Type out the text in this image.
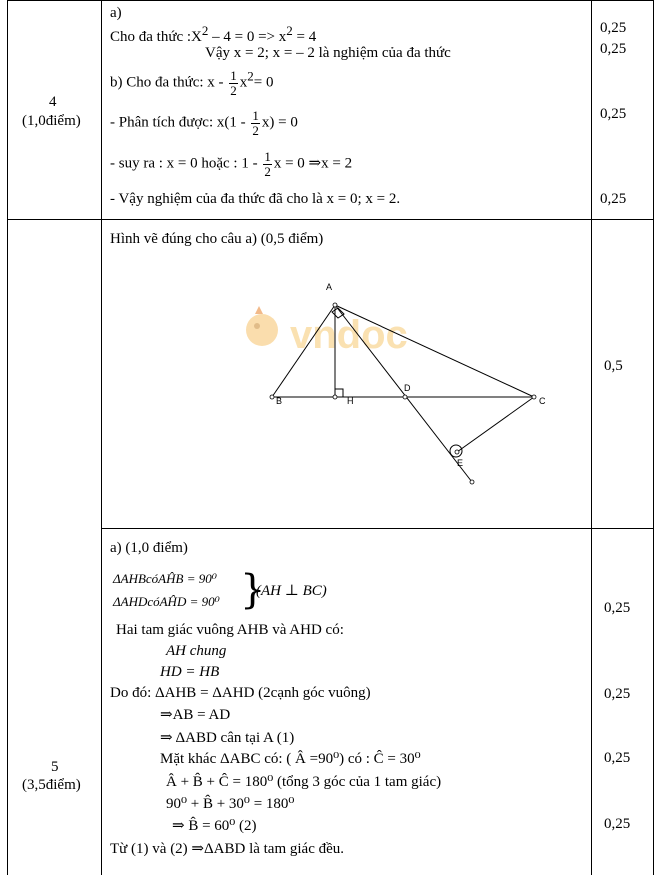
4
(1,0điểm)
a)
Cho đa thức $:X^2 - 4 = 0 => x^2 = 4$
Vậy x = 2; x = – 2 là nghiệm của đa thức
b) Cho đa thức: $x - \frac{1}{2} x^2= 0$
- Phân tích được: $x(1 - \frac{1}{2} x) = 0$
- suy ra : x = 0 hoặc : $1 - \frac{1}{2}$ x = 0 ⇒x = 2
- Vậy nghiệm của đa thức đã cho là x = 0; x = 2.
0,25
0,25
0,25
0,25
Hình vẽ đúng cho câu a) (0,5 điểm)
0,5
vndoc
A
B	C
D
H
E
5
(3,5điểm)
a) (1,0 điểm)
ΔAHBcóAĤB = 90⁰
ΔAHDcóAĤD = 90⁰ }
(AH ⊥ BC)
Hai tam giác vuông AHB và AHD có:
AH chung
HD = HB
Do đó: ΔAHB = ΔAHD (2cạnh góc vuông)
⇒AB = AD
⇒ ΔABD cân tại A (1)
Mặt khác ΔABC có: ( Â =90⁰) có : Ĉ = 30⁰
Â + B̂ + Ĉ = 180⁰ (tổng 3 góc của 1 tam giác)
90⁰ + B̂ + 30⁰ = 180⁰
⇒ B̂ = 60⁰ (2)
Từ (1) và (2) ⇒ΔABD là tam giác đều.
0,25
0,25
0,25
0,25
